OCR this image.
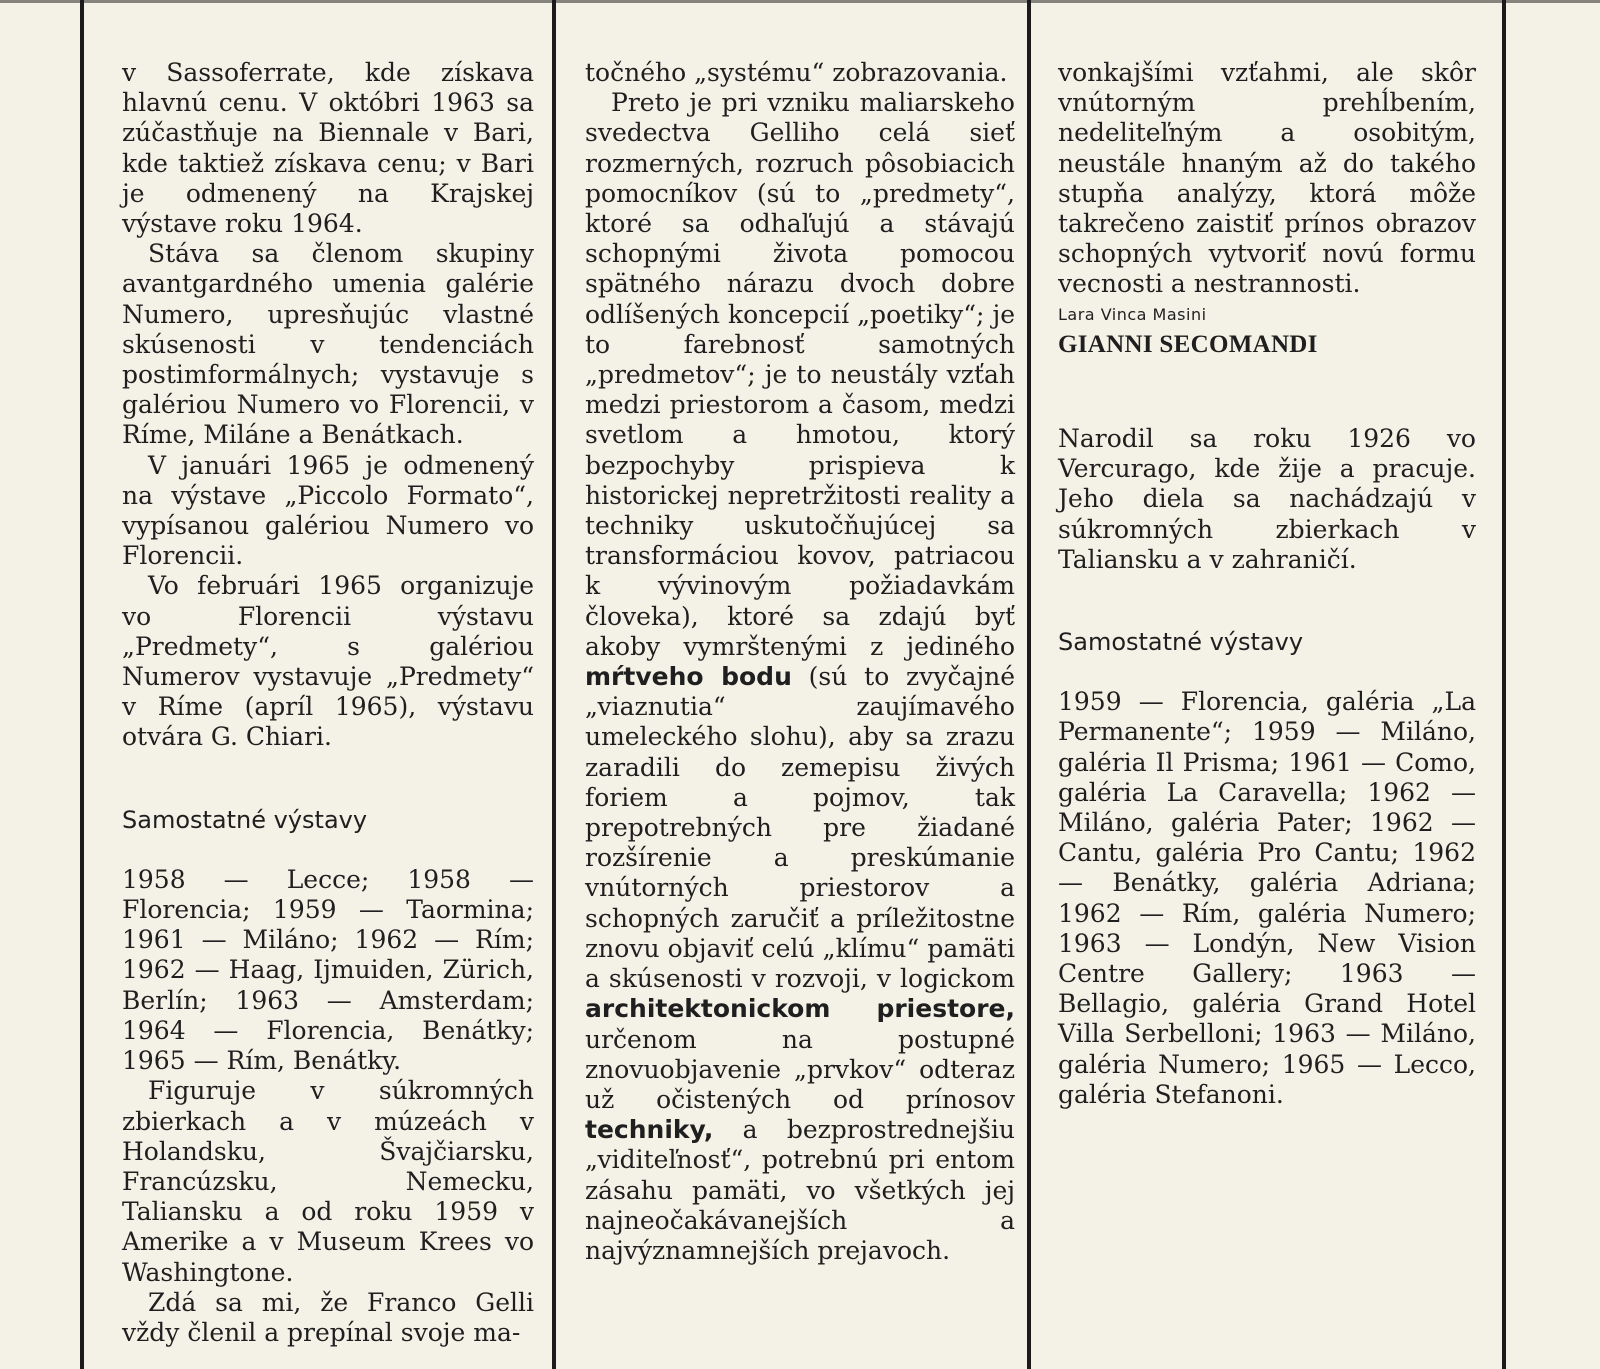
v Sassoferrate, kde získava hlavnú cenu. V októbri 1963 sa zúčastňuje na Biennale v Bari, kde taktiež získava cenu; v Bari je odmenený na Krajskej výstave roku 1964.

Stáva sa členom skupiny avantgardného umenia galérie Numero, upresňujúc vlastné skúsenosti v tendenciách postimformálnych; vystavuje s galériou Numero vo Florencii, v Ríme, Miláne a Benátkach.

V januári 1965 je odmenený na výstave „Piccolo Formato“, vypísanou galériou Numero vo Florencii.

Vo februári 1965 organizuje vo Florencii výstavu „Predmety“, s galériou Numerov vystavuje „Predmety“ v Ríme (apríl 1965), výstavu otvára G. Chiari.

Samostatné výstavy

1958 — Lecce; 1958 — Florencia; 1959 — Taormina; 1961 — Miláno; 1962 — Rím; 1962 — Haag, Ijmuiden, Zürich, Berlín; 1963 — Amsterdam; 1964 — Florencia, Benátky; 1965 — Rím, Benátky.

Figuruje v súkromných zbierkach a v múzeách v Holandsku, Švajčiarsku, Francúzsku, Nemecku, Taliansku a od roku 1959 v Amerike a v Museum Krees vo Washingtone.

Zdá sa mi, že Franco Gelli vždy členil a prepínal svoje ma-

točného „systému“ zobrazovania.

Preto je pri vzniku maliarskeho svedectva Gelliho celá sieť rozmerných, rozruch pôsobiacich pomocníkov (sú to „predmety“, ktoré sa odhaľujú a stávajú schopnými života pomocou spätného nárazu dvoch dobre odlíšených koncepcií „poetiky“; je to farebnosť samotných „predmetov“; je to neustály vzťah medzi priestorom a časom, medzi svetlom a hmotou, ktorý bezpochyby prispieva k historickej nepretržitosti reality a techniky uskutočňujúcej sa transformáciou kovov, patriacou k vývinovým požiadavkám človeka), ktoré sa zdajú byť akoby vymrštenými z jediného mŕtveho bodu (sú to zvyčajné „viaznutia“ zaujímavého umeleckého slohu), aby sa zrazu zaradili do zemepisu živých foriem a pojmov, tak prepotrebných pre žiadané rozšírenie a preskúmanie vnútorných priestorov a schopných zaručiť a príležitostne znovu objaviť celú „klímu“ pamäti a skúsenosti v rozvoji, v logickom architektonickom priestore, určenom na postupné znovuobjavenie „prvkov“ odteraz už očistených od prínosov techniky, a bezprostrednejšiu „viditeľnosť“, potrebnú pri entom zásahu pamäti, vo všetkých jej najneočakávanejších a najvýznamnejších prejavoch.

vonkajšími vzťahmi, ale skôr vnútorným prehĺbením, nedeliteľným a osobitým, neustále hnaným až do takého stupňa analýzy, ktorá môže takrečeno zaistiť prínos obrazov schopných vytvoriť novú formu vecnosti a nestrannosti.

Lara Vinca Masini

GIANNI SECOMANDI

Narodil sa roku 1926 vo Vercurago, kde žije a pracuje. Jeho diela sa nachádzajú v súkromných zbierkach v Taliansku a v zahraničí.

Samostatné výstavy

1959 — Florencia, galéria „La Permanente“; 1959 — Miláno, galéria Il Prisma; 1961 — Como, galéria La Caravella; 1962 — Miláno, galéria Pater; 1962 — Cantu, galéria Pro Cantu; 1962 — Benátky, galéria Adriana; 1962 — Rím, galéria Numero; 1963 — Londýn, New Vision Centre Gallery; 1963 — Bellagio, galéria Grand Hotel Villa Serbelloni; 1963 — Miláno, galéria Numero; 1965 — Lecco, galéria Stefanoni.
